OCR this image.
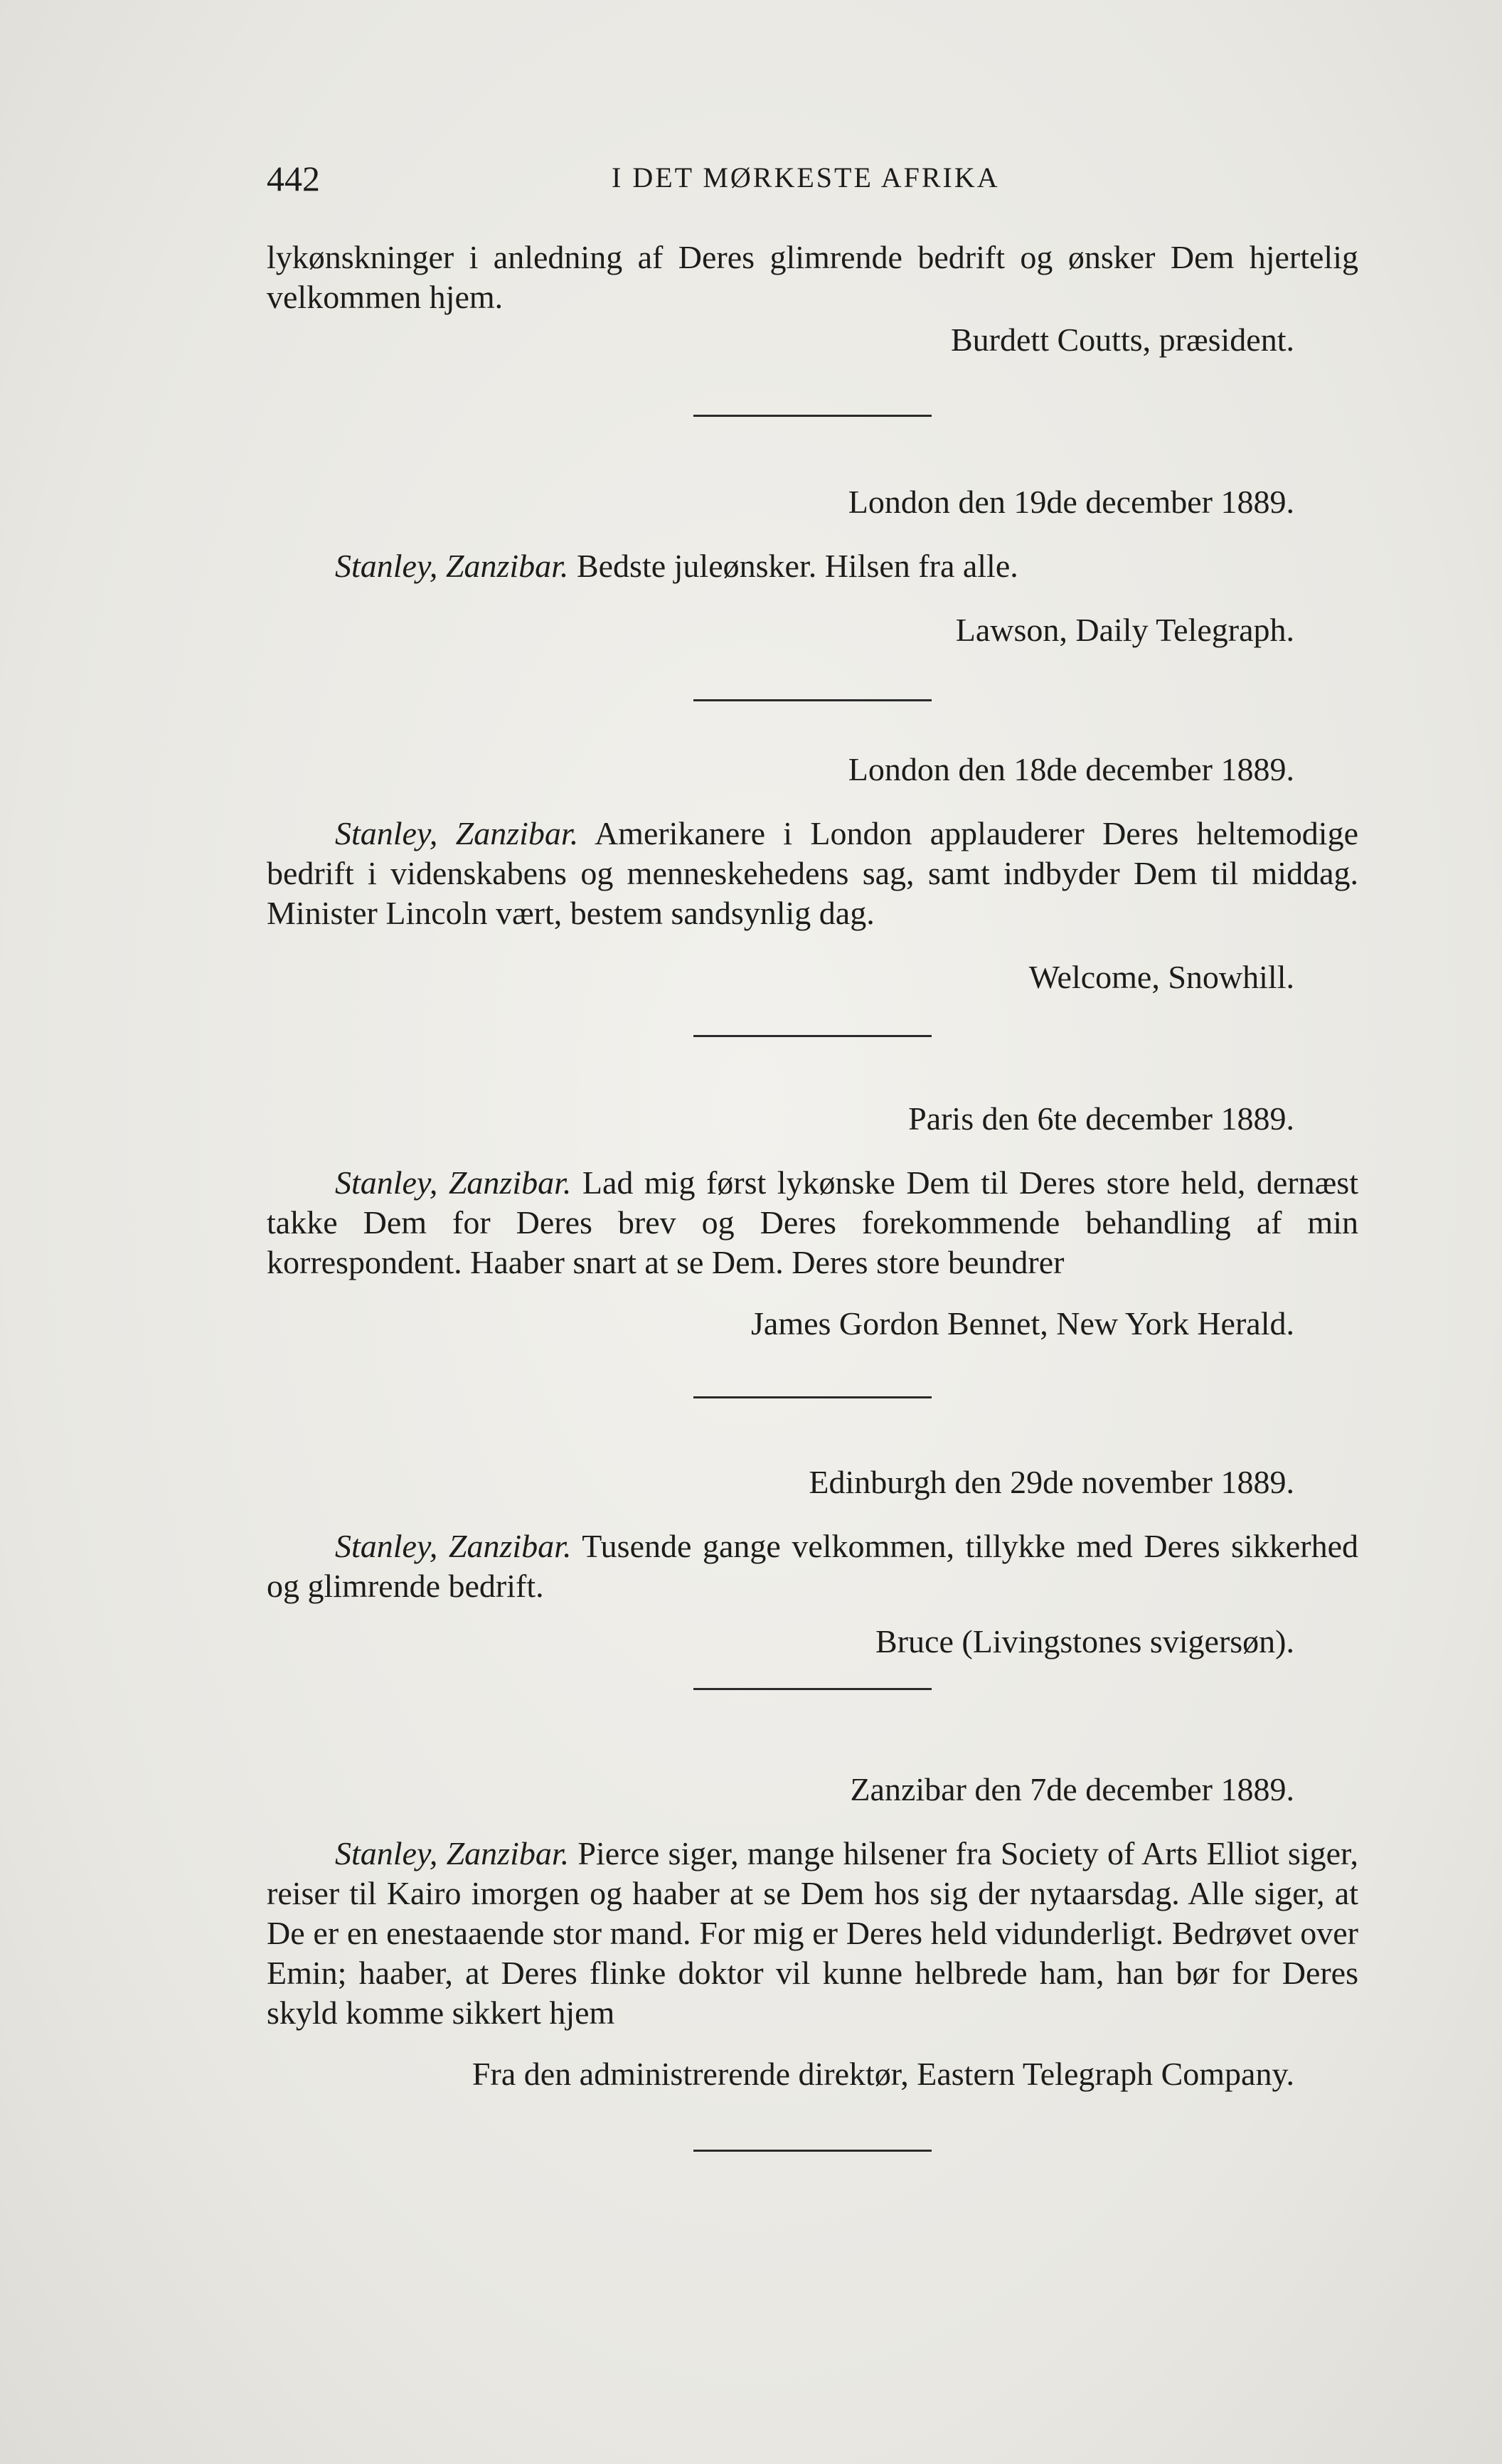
442	I DET MØRKESTE AFRIKA

lykønskninger i anledning af Deres glimrende bedrift og ønsker Dem hjertelig velkommen hjem.

Burdett Coutts, præsident.
London den 19de december 1889.

Stanley, Zanzibar. Bedste juleønsker. Hilsen fra alle.

Lawson, Daily Telegraph.
London den 18de december 1889.

Stanley, Zanzibar. Amerikanere i London applauderer Deres heltemodige bedrift i videnskabens og menneskehedens sag, samt indbyder Dem til middag. Minister Lincoln vært, bestem sandsynlig dag.

Welcome, Snowhill.
Paris den 6te december 1889.

Stanley, Zanzibar. Lad mig først lykønske Dem til Deres store held, dernæst takke Dem for Deres brev og Deres forekommende behandling af min korrespondent. Haaber snart at se Dem. Deres store beundrer

James Gordon Bennet, New York Herald.
Edinburgh den 29de november 1889.

Stanley, Zanzibar. Tusende gange velkommen, tillykke med Deres sikkerhed og glimrende bedrift.

Bruce (Livingstones svigersøn).
Zanzibar den 7de december 1889.

Stanley, Zanzibar. Pierce siger, mange hilsener fra Society of Arts Elliot siger, reiser til Kairo imorgen og haaber at se Dem hos sig der nytaarsdag. Alle siger, at De er en enestaaende stor mand. For mig er Deres held vidunderligt. Bedrøvet over Emin; haaber, at Deres flinke doktor vil kunne helbrede ham, han bør for Deres skyld komme sikkert hjem

Fra den administrerende direktør, Eastern Telegraph Company.
